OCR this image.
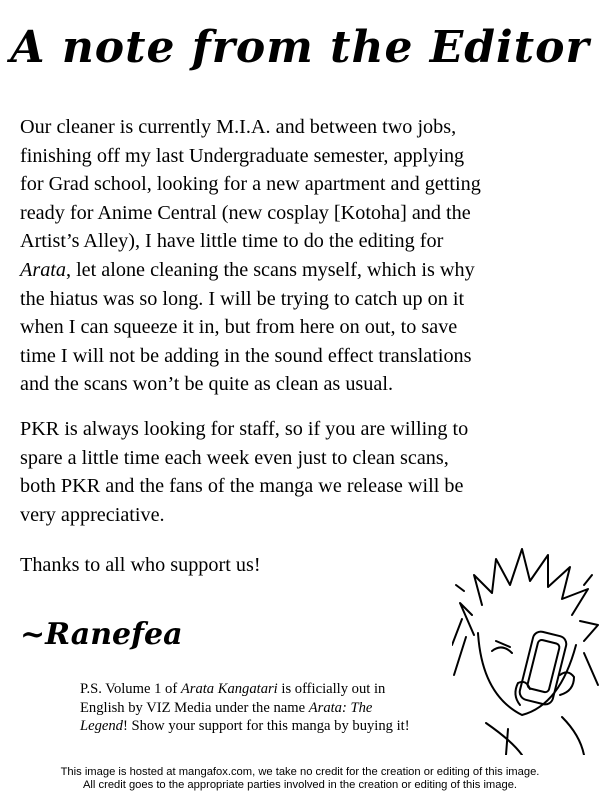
A note from the Editor
Our cleaner is currently M.I.A. and between two jobs,
finishing off my last Undergraduate semester, applying
for Grad school, looking for a new apartment and getting
ready for Anime Central (new cosplay [Kotoha] and the
Artist’s Alley), I have little time to do the editing for
Arata, let alone cleaning the scans myself, which is why
the hiatus was so long. I will be trying to catch up on it
when I can squeeze it in, but from here on out, to save
time I will not be adding in the sound effect translations
and the scans won’t be quite as clean as usual.
PKR is always looking for staff, so if you are willing to
spare a little time each week even just to clean scans,
both PKR and the fans of the manga we release will be
very appreciative.
Thanks to all who support us!
~Ranefea
P.S. Volume 1 of Arata Kangatari is officially out in
English by VIZ Media under the name Arata: The
Legend! Show your support for this manga by buying it!
This image is hosted at mangafox.com, we take no credit for the creation or editing of this image.
All credit goes to the appropriate parties involved in the creation or editing of this image.
